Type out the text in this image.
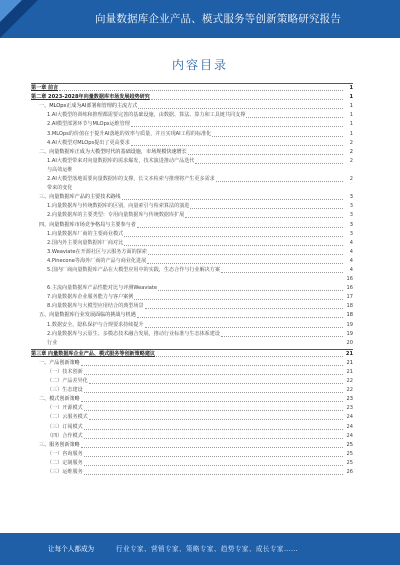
向量数据库企业产品、模式服务等创新策略研究报告
内容目录
第一章 前言	1
第二章 2023-2028年向量数据库市场发展趋势研究	1
一、MLOps正成为AI部署和管理的主流方式	1
1.AI大模型的训练和推理都需要完善的基础设施，由数据、算法、算力和工具链共同支撑	1
2.AI模型部署环节与MLOps运维管理	1
3.MLOps的价值在于提升AI落地的效率与质量，并且实现AI工程的标准化	1
4.AI大模型对MLOps提出了更高要求	2
二、向量数据库正成为大模型时代的基础设施，市场规模快速增长	2
1.AI大模型带来对向量数据库的需求爆发，技术演进推动产品迭代	2
与高效运维
2.AI大模型落地需要向量数据库的支撑，长文本检索与推理将产生更多需求	2
带来的变化
三、向量数据库产品的主要技术路线	3
1.向量数据库与传统数据库的区别，向量索引与检索算法的演进	3
2.向量数据库的主要类型：专用向量数据库与传统数据库扩展	3
四、向量数据库市场竞争格局与主要参与者	3
1.向量数据库厂商的主要商业模式	3
2.国内外主要向量数据库厂商对比	4
3.Weaviate在开源社区与云服务方面的探索	4
4.Pinecone等海外厂商的产品与商业化进展	4
5.国内厂商向量数据库产品在大模型应用中的实践，生态合作与行业解决方案	4
16
6.主流向量数据库产品性能对比与评测Weaviate	16
7.向量数据库企业服务能力与客户案例	17
8.向量数据库与大模型应用结合的典型场景	18
五、向量数据库行业发展面临的挑战与机遇	18
1.数据安全、隐私保护与合规要求持续提升	19
2.向量数据库与云原生、多模态技术融合发展，推动行业标准与生态体系建设	19
行业	20
第三章 向量数据库企业产品、模式服务等创新策略建议	21
一、产品创新策略	21
（一）技术创新	21
（二）产品差异化	22
（三）生态建设	22
二、模式创新策略	23
（一）开源模式	23
（二）云服务模式	24
（三）订阅模式	24
（四）合作模式	24
三、服务创新策略	25
（一）咨询服务	25
（二）定制服务	25
（三）运维服务	26
让每个人都成为	行业专家、营销专家、策略专家、趋势专家、成长专家……
